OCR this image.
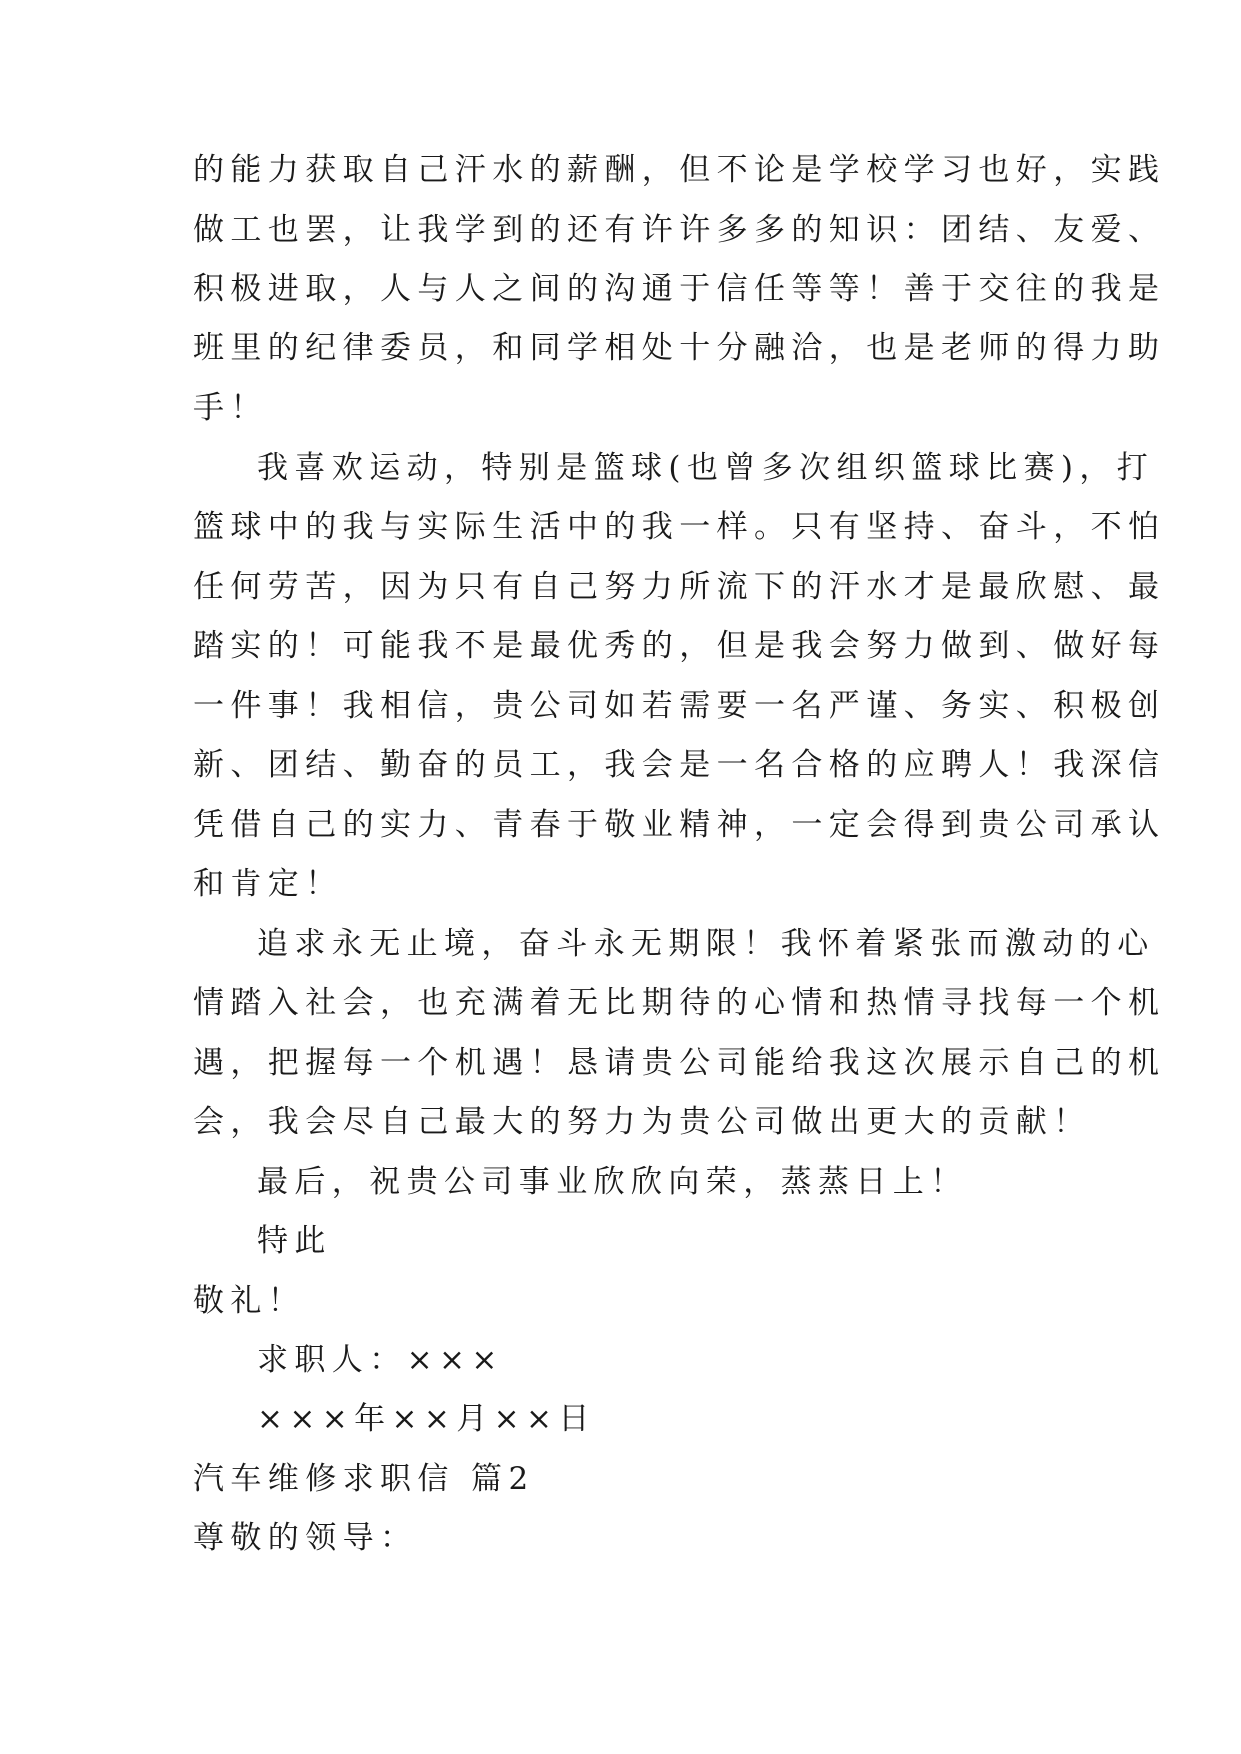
的能力获取自己汗水的薪酬，但不论是学校学习也好，实践
做工也罢，让我学到的还有许许多多的知识：团结、友爱、
积极进取，人与人之间的沟通于信任等等！善于交往的我是
班里的纪律委员，和同学相处十分融洽，也是老师的得力助
手！
我喜欢运动，特别是篮球(也曾多次组织篮球比赛)，打
篮球中的我与实际生活中的我一样。只有坚持、奋斗，不怕
任何劳苦，因为只有自己努力所流下的汗水才是最欣慰、最
踏实的！可能我不是最优秀的，但是我会努力做到、做好每
一件事！我相信，贵公司如若需要一名严谨、务实、积极创
新、团结、勤奋的员工，我会是一名合格的应聘人！我深信
凭借自己的实力、青春于敬业精神，一定会得到贵公司承认
和肯定！
追求永无止境，奋斗永无期限！我怀着紧张而激动的心
情踏入社会，也充满着无比期待的心情和热情寻找每一个机
遇，把握每一个机遇！恳请贵公司能给我这次展示自己的机
会，我会尽自己最大的努力为贵公司做出更大的贡献！
最后，祝贵公司事业欣欣向荣，蒸蒸日上！
特此
敬礼！
求职人：×××
×××年××月××日
汽车维修求职信 篇2
尊敬的领导：
